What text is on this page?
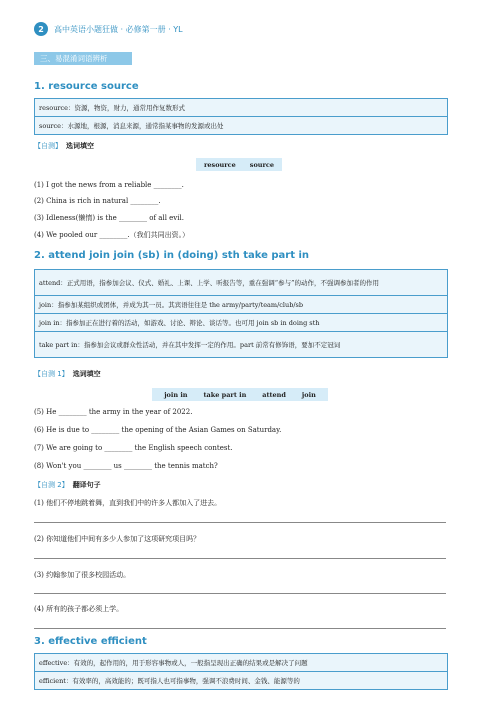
2	高中英语小题狂做 · 必修第一册 · YL
三、易混淆词语辨析
1. resource source
resource：资源，物资，财力，通常用作复数形式
source：水源地，根源，消息来源，通常指某事物的发源或出处
【自测】 选词填空
resource source
(1) I got the news from a reliable ________.
(2) China is rich in natural ________.
(3) Idleness(懒惰) is the ________ of all evil.
(4) We pooled our ________.（我们共同出资。）
2. attend join join (sb) in (doing) sth take part in
attend：正式用语，指参加会议、仪式、婚礼、上课、上学、听报告等，重在强调“参与”的动作，不强调参加者的作用
join：指参加某组织或团体，并成为其一员。其宾语往往是 the army/party/team/club/sb
join in：指参加正在进行着的活动，如游戏、讨论、辩论、谈话等。也可用 join sb in doing sth
take part in：指参加会议或群众性活动，并在其中发挥一定的作用。part 前常有修饰语，要加不定冠词
【自测 1】 选词填空
join in take part in attend join
(5) He ________ the army in the year of 2022.
(6) He is due to ________ the opening of the Asian Games on Saturday.
(7) We are going to ________ the English speech contest.
(8) Won't you ________ us ________ the tennis match?
【自测 2】 翻译句子
(1) 他们不停地跳着舞，直到我们中的许多人都加入了进去。
(2) 你知道他们中间有多少人参加了这项研究项目吗？
(3) 约翰参加了很多校园活动。
(4) 所有的孩子都必须上学。
3. effective efficient
effective：有效的，起作用的，用于形容事物或人，一般指呈现出正确的结果或是解决了问题
efficient：有效率的，高效能的；既可指人也可指事物，强调不浪费时间、金钱、能源等的
